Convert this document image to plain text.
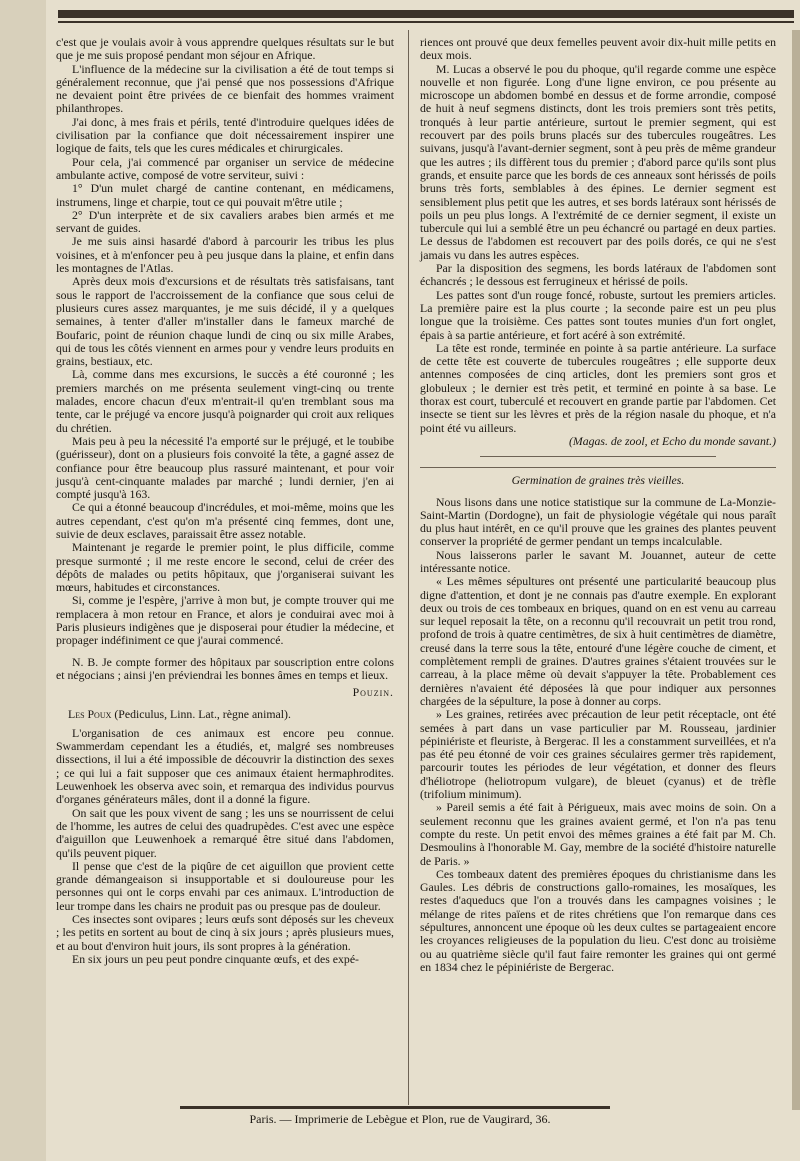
c'est que je voulais avoir à vous apprendre quelques résultats sur le but que je me suis proposé pendant mon séjour en Afrique.

L'influence de la médecine sur la civilisation a été de tout temps si généralement reconnue, que j'ai pensé que nos possessions d'Afrique ne devaient point être privées de ce bienfait des hommes vraiment philanthropes.

J'ai donc, à mes frais et périls, tenté d'introduire quelques idées de civilisation par la confiance que doit nécessairement inspirer une logique de faits, tels que les cures médicales et chirurgicales.

Pour cela, j'ai commencé par organiser un service de médecine ambulante active, composé de votre serviteur, suivi :

1° D'un mulet chargé de cantine contenant, en médicamens, instrumens, linge et charpie, tout ce qui pouvait m'être utile ;

2° D'un interprète et de six cavaliers arabes bien armés et me servant de guides.

Je me suis ainsi hasardé d'abord à parcourir les tribus les plus voisines, et à m'enfoncer peu à peu jusque dans la plaine, et enfin dans les montagnes de l'Atlas.

Après deux mois d'excursions et de résultats très satisfaisans, tant sous le rapport de l'accroissement de la confiance que sous celui de plusieurs cures assez marquantes, je me suis décidé, il y a quelques semaines, à tenter d'aller m'installer dans le fameux marché de Boufaric, point de réunion chaque lundi de cinq ou six mille Arabes, qui de tous les côtés viennent en armes pour y vendre leurs produits en grains, bestiaux, etc.

Là, comme dans mes excursions, le succès a été couronné ; les premiers marchés on me présenta seulement vingt-cinq ou trente malades, encore chacun d'eux m'entrait-il qu'en tremblant sous ma tente, car le préjugé va encore jusqu'à poignarder qui croit aux reliques du chrétien.

Mais peu à peu la nécessité l'a emporté sur le préjugé, et le toubibe (guérisseur), dont on a plusieurs fois convoité la tête, a gagné assez de confiance pour être beaucoup plus rassuré maintenant, et pour voir jusqu'à cent-cinquante malades par marché ; lundi dernier, j'en ai compté jusqu'à 163.

Ce qui a étonné beaucoup d'incrédules, et moi-même, moins que les autres cependant, c'est qu'on m'a présenté cinq femmes, dont une, suivie de deux esclaves, paraissait être assez notable.

Maintenant je regarde le premier point, le plus difficile, comme presque surmonté ; il me reste encore le second, celui de créer des dépôts de malades ou petits hôpitaux, que j'organiserai suivant les mœurs, habitudes et circonstances.

Si, comme je l'espère, j'arrive à mon but, je compte trouver qui me remplacera à mon retour en France, et alors je conduirai avec moi à Paris plusieurs indigènes que je disposerai pour étudier la médecine, et propager indéfiniment ce que j'aurai commencé.

N. B. Je compte former des hôpitaux par souscription entre colons et négocians ; ainsi j'en préviendrai les bonnes âmes en temps et lieux.

Pouzin.
Les Poux (Pediculus, Linn. Lat., règne animal).

L'organisation de ces animaux est encore peu connue. Swammerdam cependant les a étudiés, et, malgré ses nombreuses dissections, il lui a été impossible de découvrir la distinction des sexes ; ce qui lui a fait supposer que ces animaux étaient hermaphrodites. Leuwenhoek les observa avec soin, et remarqua des individus pourvus d'organes générateurs mâles, dont il a donné la figure.

On sait que les poux vivent de sang ; les uns se nourrissent de celui de l'homme, les autres de celui des quadrupèdes. C'est avec une espèce d'aiguillon que Leuwenhoek a remarqué être situé dans l'abdomen, qu'ils peuvent piquer.

Il pense que c'est de la piqûre de cet aiguillon que provient cette grande démangeaison si insupportable et si douloureuse pour les personnes qui ont le corps envahi par ces animaux. L'introduction de leur trompe dans les chairs ne produit pas ou presque pas de douleur.

Ces insectes sont ovipares ; leurs œufs sont déposés sur les cheveux ; les petits en sortent au bout de cinq à six jours ; après plusieurs mues, et au bout d'environ huit jours, ils sont propres à la génération.

En six jours un peu peut pondre cinquante œufs, et des expé-

riences ont prouvé que deux femelles peuvent avoir dix-huit mille petits en deux mois.

M. Lucas a observé le pou du phoque, qu'il regarde comme une espèce nouvelle et non figurée. Long d'une ligne environ, ce pou présente au microscope un abdomen bombé en dessus et de forme arrondie, composé de huit à neuf segmens distincts, dont les trois premiers sont très petits, tronqués à leur partie antérieure, surtout le premier segment, qui est recouvert par des poils bruns placés sur des tubercules rougeâtres. Les suivans, jusqu'à l'avant-dernier segment, sont à peu près de même grandeur que les autres ; ils diffèrent tous du premier ; d'abord parce qu'ils sont plus grands, et ensuite parce que les bords de ces anneaux sont hérissés de poils bruns très forts, semblables à des épines. Le dernier segment est sensiblement plus petit que les autres, et ses bords latéraux sont hérissés de poils un peu plus longs. A l'extrémité de ce dernier segment, il existe un tubercule qui lui a semblé être un peu échancré ou partagé en deux parties. Le dessus de l'abdomen est recouvert par des poils dorés, ce qui ne s'est jamais vu dans les autres espèces.

Par la disposition des segmens, les bords latéraux de l'abdomen sont échancrés ; le dessous est ferrugineux et hérissé de poils.

Les pattes sont d'un rouge foncé, robuste, surtout les premiers articles. La première paire est la plus courte ; la seconde paire est un peu plus longue que la troisième. Ces pattes sont toutes munies d'un fort onglet, épais à sa partie antérieure, et fort acéré à son extrémité.

La tête est ronde, terminée en pointe à sa partie antérieure. La surface de cette tête est couverte de tubercules rougeâtres ; elle supporte deux antennes composées de cinq articles, dont les premiers sont gros et globuleux ; le dernier est très petit, et terminé en pointe à sa base. Le thorax est court, tuberculé et recouvert en grande partie par l'abdomen. Cet insecte se tient sur les lèvres et près de la région nasale du phoque, et n'a point été vu ailleurs.

(Magas. de zool, et Echo du monde savant.)
Germination de graines très vieilles.

Nous lisons dans une notice statistique sur la commune de La-Monzie-Saint-Martin (Dordogne), un fait de physiologie végétale qui nous paraît du plus haut intérêt, en ce qu'il prouve que les graines des plantes peuvent conserver la propriété de germer pendant un temps incalculable.

Nous laisserons parler le savant M. Jouannet, auteur de cette intéressante notice.

« Les mêmes sépultures ont présenté une particularité beaucoup plus digne d'attention, et dont je ne connais pas d'autre exemple. En explorant deux ou trois de ces tombeaux en briques, quand on en est venu au carreau sur lequel reposait la tête, on a reconnu qu'il recouvrait un petit trou rond, profond de trois à quatre centimètres, de six à huit centimètres de diamètre, creusé dans la terre sous la tête, entouré d'une légère couche de ciment, et complètement rempli de graines. D'autres graines s'étaient trouvées sur le carreau, à la place même où devait s'appuyer la tête. Probablement ces dernières n'avaient été déposées là que pour indiquer aux personnes chargées de la sépulture, la pose à donner au corps.

» Les graines, retirées avec précaution de leur petit réceptacle, ont été semées à part dans un vase particulier par M. Rousseau, jardinier pépiniériste et fleuriste, à Bergerac. Il les a constamment surveillées, et n'a pas été peu étonné de voir ces graines séculaires germer très rapidement, parcourir toutes les périodes de leur végétation, et donner des fleurs d'héliotrope (heliotropum vulgare), de bleuet (cyanus) et de trèfle (trifolium minimum).

» Pareil semis a été fait à Périgueux, mais avec moins de soin. On a seulement reconnu que les graines avaient germé, et l'on n'a pas tenu compte du reste. Un petit envoi des mêmes graines a été fait par M. Ch. Desmoulins à l'honorable M. Gay, membre de la société d'histoire naturelle de Paris. »

Ces tombeaux datent des premières époques du christianisme dans les Gaules. Les débris de constructions gallo-romaines, les mosaïques, les restes d'aqueducs que l'on a trouvés dans les campagnes voisines ; le mélange de rites païens et de rites chrétiens que l'on remarque dans ces sépultures, annoncent une époque où les deux cultes se partageaient encore les croyances religieuses de la population du lieu. C'est donc au troisième ou au quatrième siècle qu'il faut faire remonter les graines qui ont germé en 1834 chez le pépiniériste de Bergerac.

Paris. — Imprimerie de Lebègue et Plon, rue de Vaugirard, 36.
